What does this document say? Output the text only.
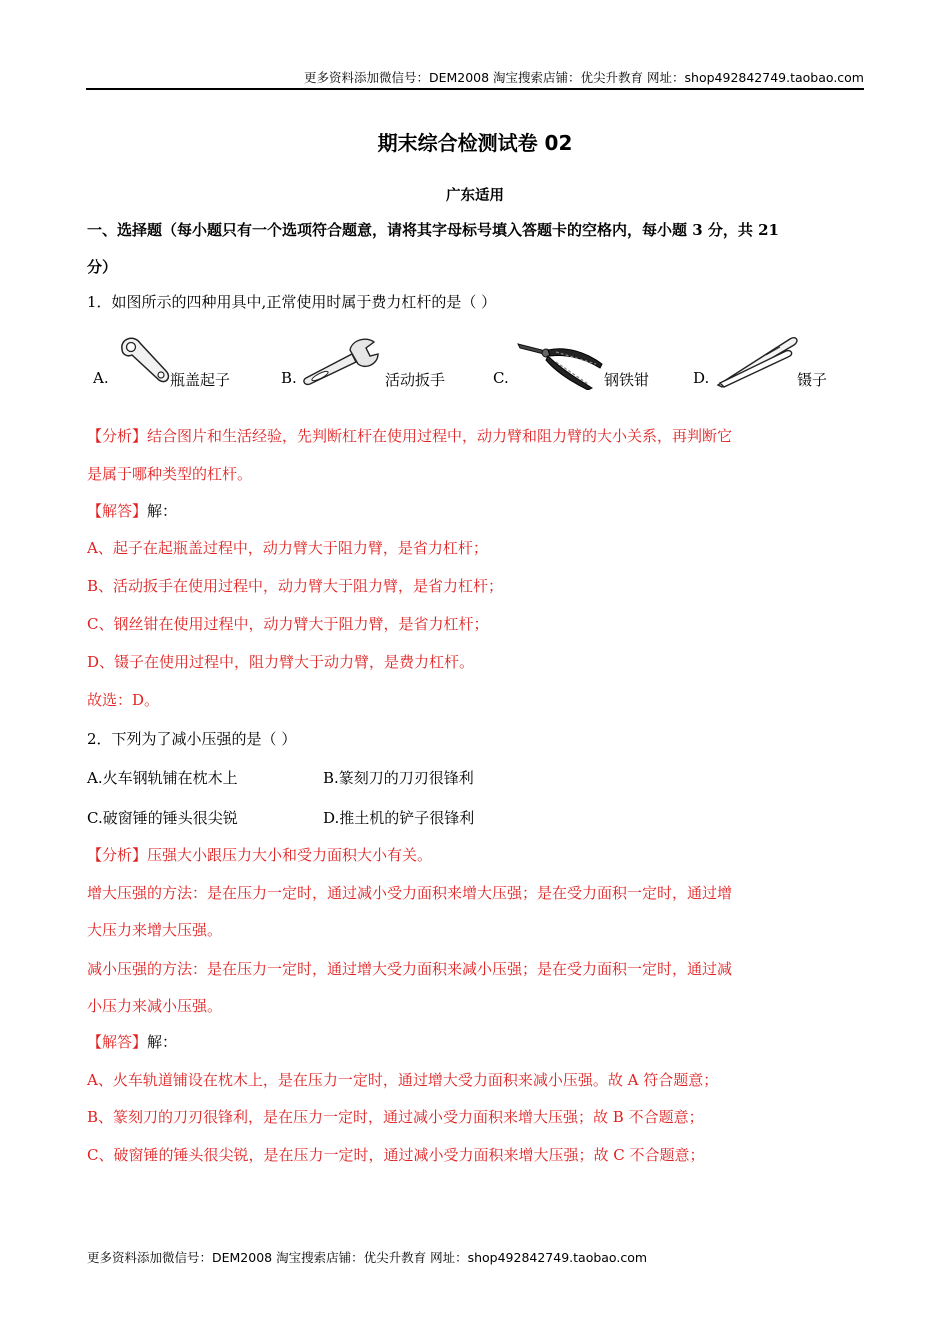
更多资料添加微信号：DEM2008 淘宝搜索店铺：优尖升教育 网址：shop492842749.taobao.com
期末综合检测试卷 02
广东适用
一、选择题（每小题只有一个选项符合题意，请将其字母标号填入答题卡的空格内，每小题 3 分，共 21
分）
1．如图所示的四种用具中,正常使用时属于费力杠杆的是（ ）
A.	瓶盖起子	B.	活动扳手	C.	钢铁钳	D.	镊子
【分析】结合图片和生活经验，先判断杠杆在使用过程中，动力臂和阻力臂的大小关系，再判断它
是属于哪种类型的杠杆。
【解答】解：
A、起子在起瓶盖过程中，动力臂大于阻力臂，是省力杠杆；
B、活动扳手在使用过程中，动力臂大于阻力臂，是省力杠杆；
C、钢丝钳在使用过程中，动力臂大于阻力臂，是省力杠杆；
D、镊子在使用过程中，阻力臂大于动力臂，是费力杠杆。
故选：D。
2．下列为了减小压强的是（ ）
A.火车钢轨铺在枕木上	B.篆刻刀的刀刃很锋利
C.破窗锤的锤头很尖锐	D.推土机的铲子很锋利
【分析】压强大小跟压力大小和受力面积大小有关。
增大压强的方法：是在压力一定时，通过减小受力面积来增大压强；是在受力面积一定时，通过增
大压力来增大压强。
减小压强的方法：是在压力一定时，通过增大受力面积来减小压强；是在受力面积一定时，通过减
小压力来减小压强。
【解答】解：
A、火车轨道铺设在枕木上，是在压力一定时，通过增大受力面积来减小压强。故 A 符合题意；
B、篆刻刀的刀刃很锋利，是在压力一定时，通过减小受力面积来增大压强；故 B 不合题意；
C、破窗锤的锤头很尖锐，是在压力一定时，通过减小受力面积来增大压强；故 C 不合题意；
更多资料添加微信号：DEM2008 淘宝搜索店铺：优尖升教育 网址：shop492842749.taobao.com
